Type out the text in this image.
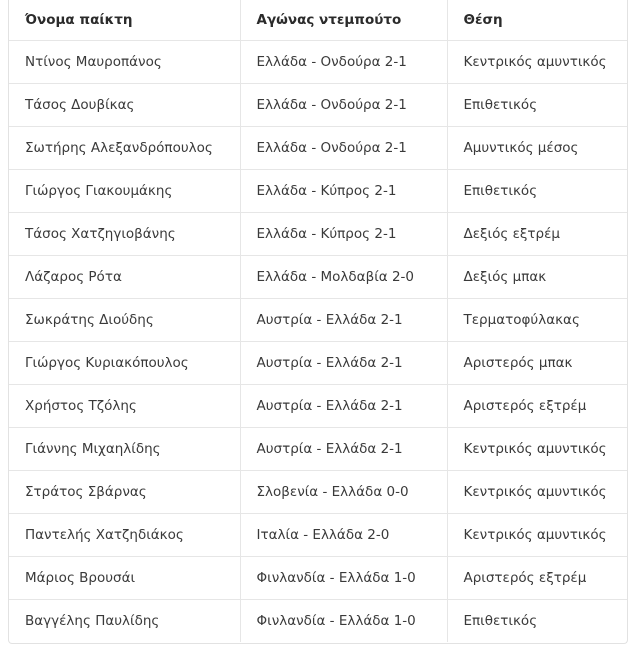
Όνομα παίκτη	Αγώνας ντεμπούτο	Θέση
Ντίνος Μαυροπάνος	Ελλάδα - Ονδούρα 2-1	Κεντρικός αμυντικός
Τάσος Δουβίκας	Ελλάδα - Ονδούρα 2-1	Επιθετικός
Σωτήρης Αλεξανδρόπουλος	Ελλάδα - Ονδούρα 2-1	Αμυντικός μέσος
Γιώργος Γιακουμάκης	Ελλάδα - Κύπρος 2-1	Επιθετικός
Τάσος Χατζηγιοβάνης	Ελλάδα - Κύπρος 2-1	Δεξιός εξτρέμ
Λάζαρος Ρότα	Ελλάδα - Μολδαβία 2-0	Δεξιός μπακ
Σωκράτης Διούδης	Αυστρία - Ελλάδα 2-1	Τερματοφύλακας
Γιώργος Κυριακόπουλος	Αυστρία - Ελλάδα 2-1	Αριστερός μπακ
Χρήστος Τζόλης	Αυστρία - Ελλάδα 2-1	Αριστερός εξτρέμ
Γιάννης Μιχαηλίδης	Αυστρία - Ελλάδα 2-1	Κεντρικός αμυντικός
Στράτος Σβάρνας	Σλοβενία - Ελλάδα 0-0	Κεντρικός αμυντικός
Παντελής Χατζηδιάκος	Ιταλία - Ελλάδα 2-0	Κεντρικός αμυντικός
Μάριος Βρουσάι	Φινλανδία - Ελλάδα 1-0	Αριστερός εξτρέμ
Βαγγέλης Παυλίδης	Φινλανδία - Ελλάδα 1-0	Επιθετικός
